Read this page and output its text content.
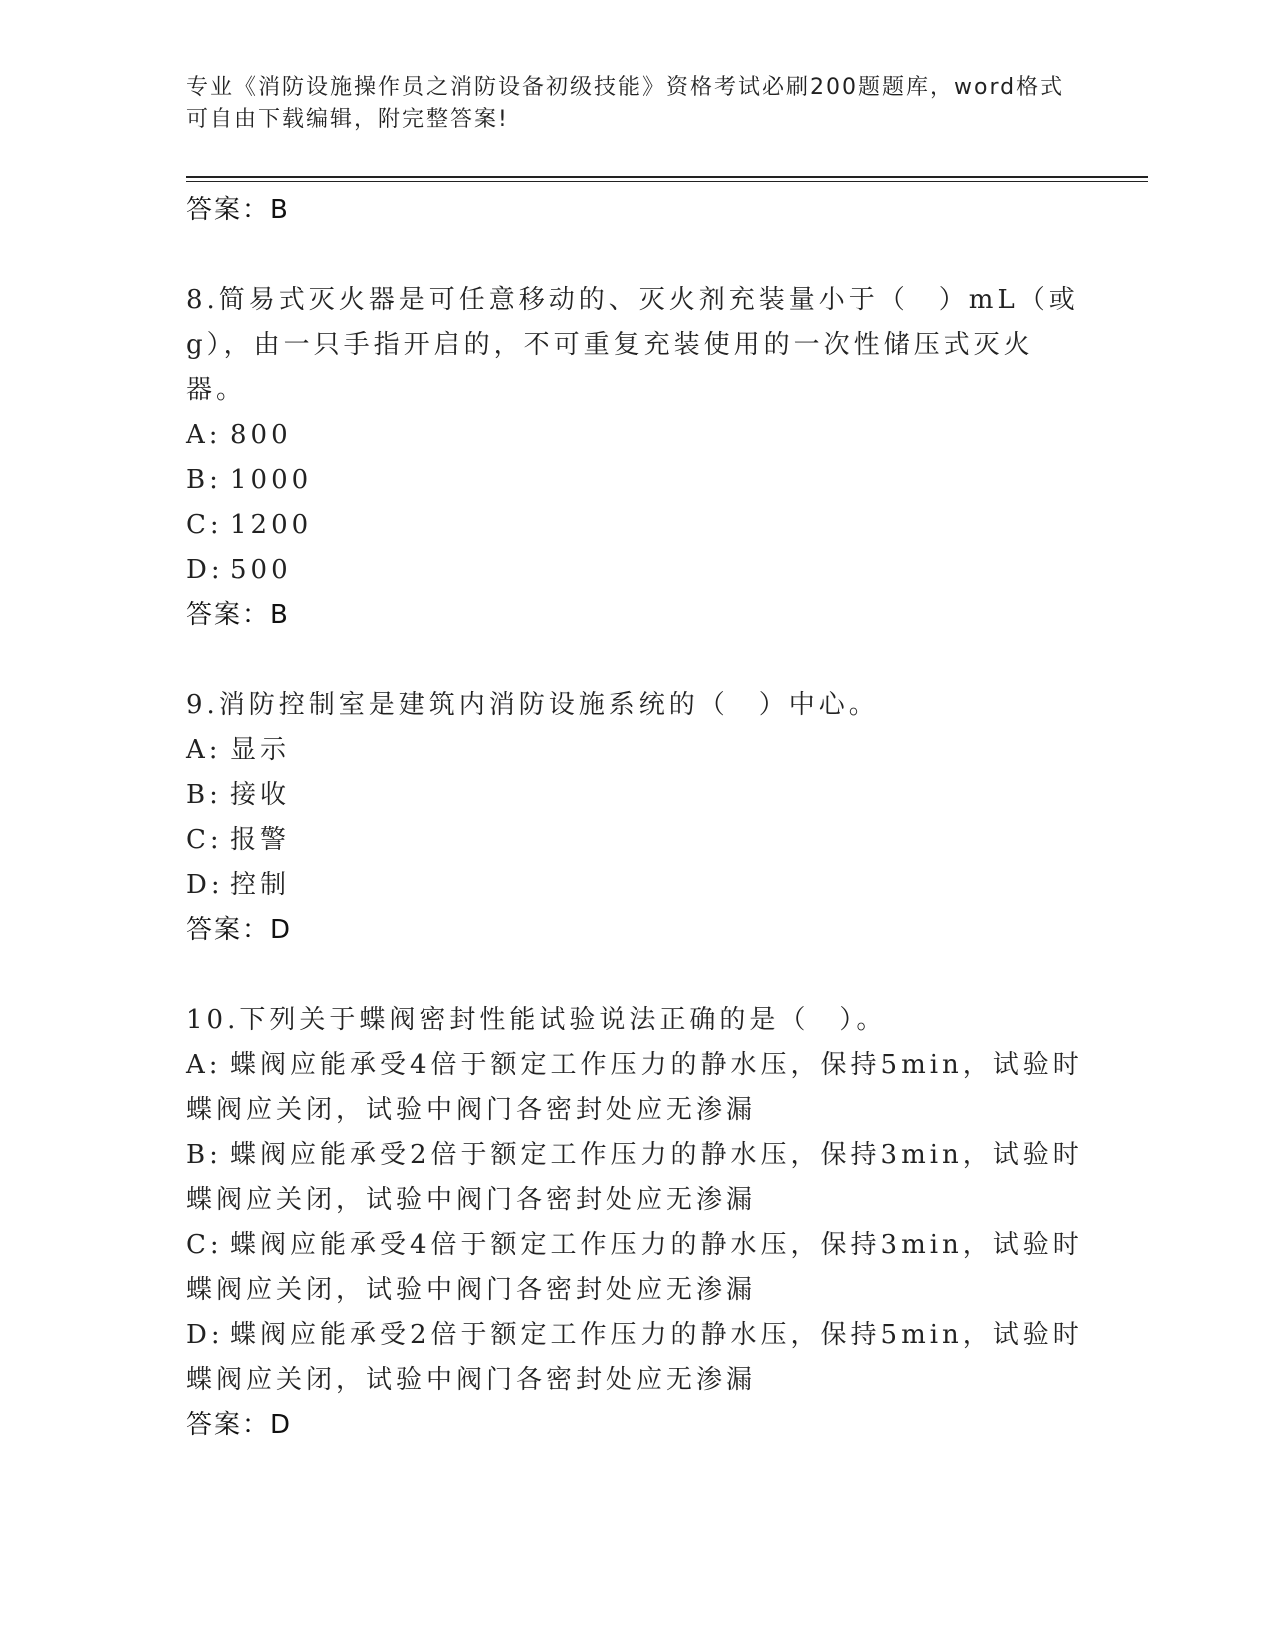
专业《消防设施操作员之消防设备初级技能》资格考试必刷200题题库，word格式可自由下载编辑，附完整答案!
答案：B
8.简易式灭火器是可任意移动的、灭火剂充装量小于（　）mL（或g），由一只手指开启的，不可重复充装使用的一次性储压式灭火器。
A: 800
B: 1000
C: 1200
D: 500
答案：B
9.消防控制室是建筑内消防设施系统的（　）中心。
A: 显示
B: 接收
C: 报警
D: 控制
答案：D
10.下列关于蝶阀密封性能试验说法正确的是（　）。
A: 蝶阀应能承受4倍于额定工作压力的静水压，保持5min，试验时蝶阀应关闭，试验中阀门各密封处应无渗漏
B: 蝶阀应能承受2倍于额定工作压力的静水压，保持3min，试验时蝶阀应关闭，试验中阀门各密封处应无渗漏
C: 蝶阀应能承受4倍于额定工作压力的静水压，保持3min，试验时蝶阀应关闭，试验中阀门各密封处应无渗漏
D: 蝶阀应能承受2倍于额定工作压力的静水压，保持5min，试验时蝶阀应关闭，试验中阀门各密封处应无渗漏
答案：D
